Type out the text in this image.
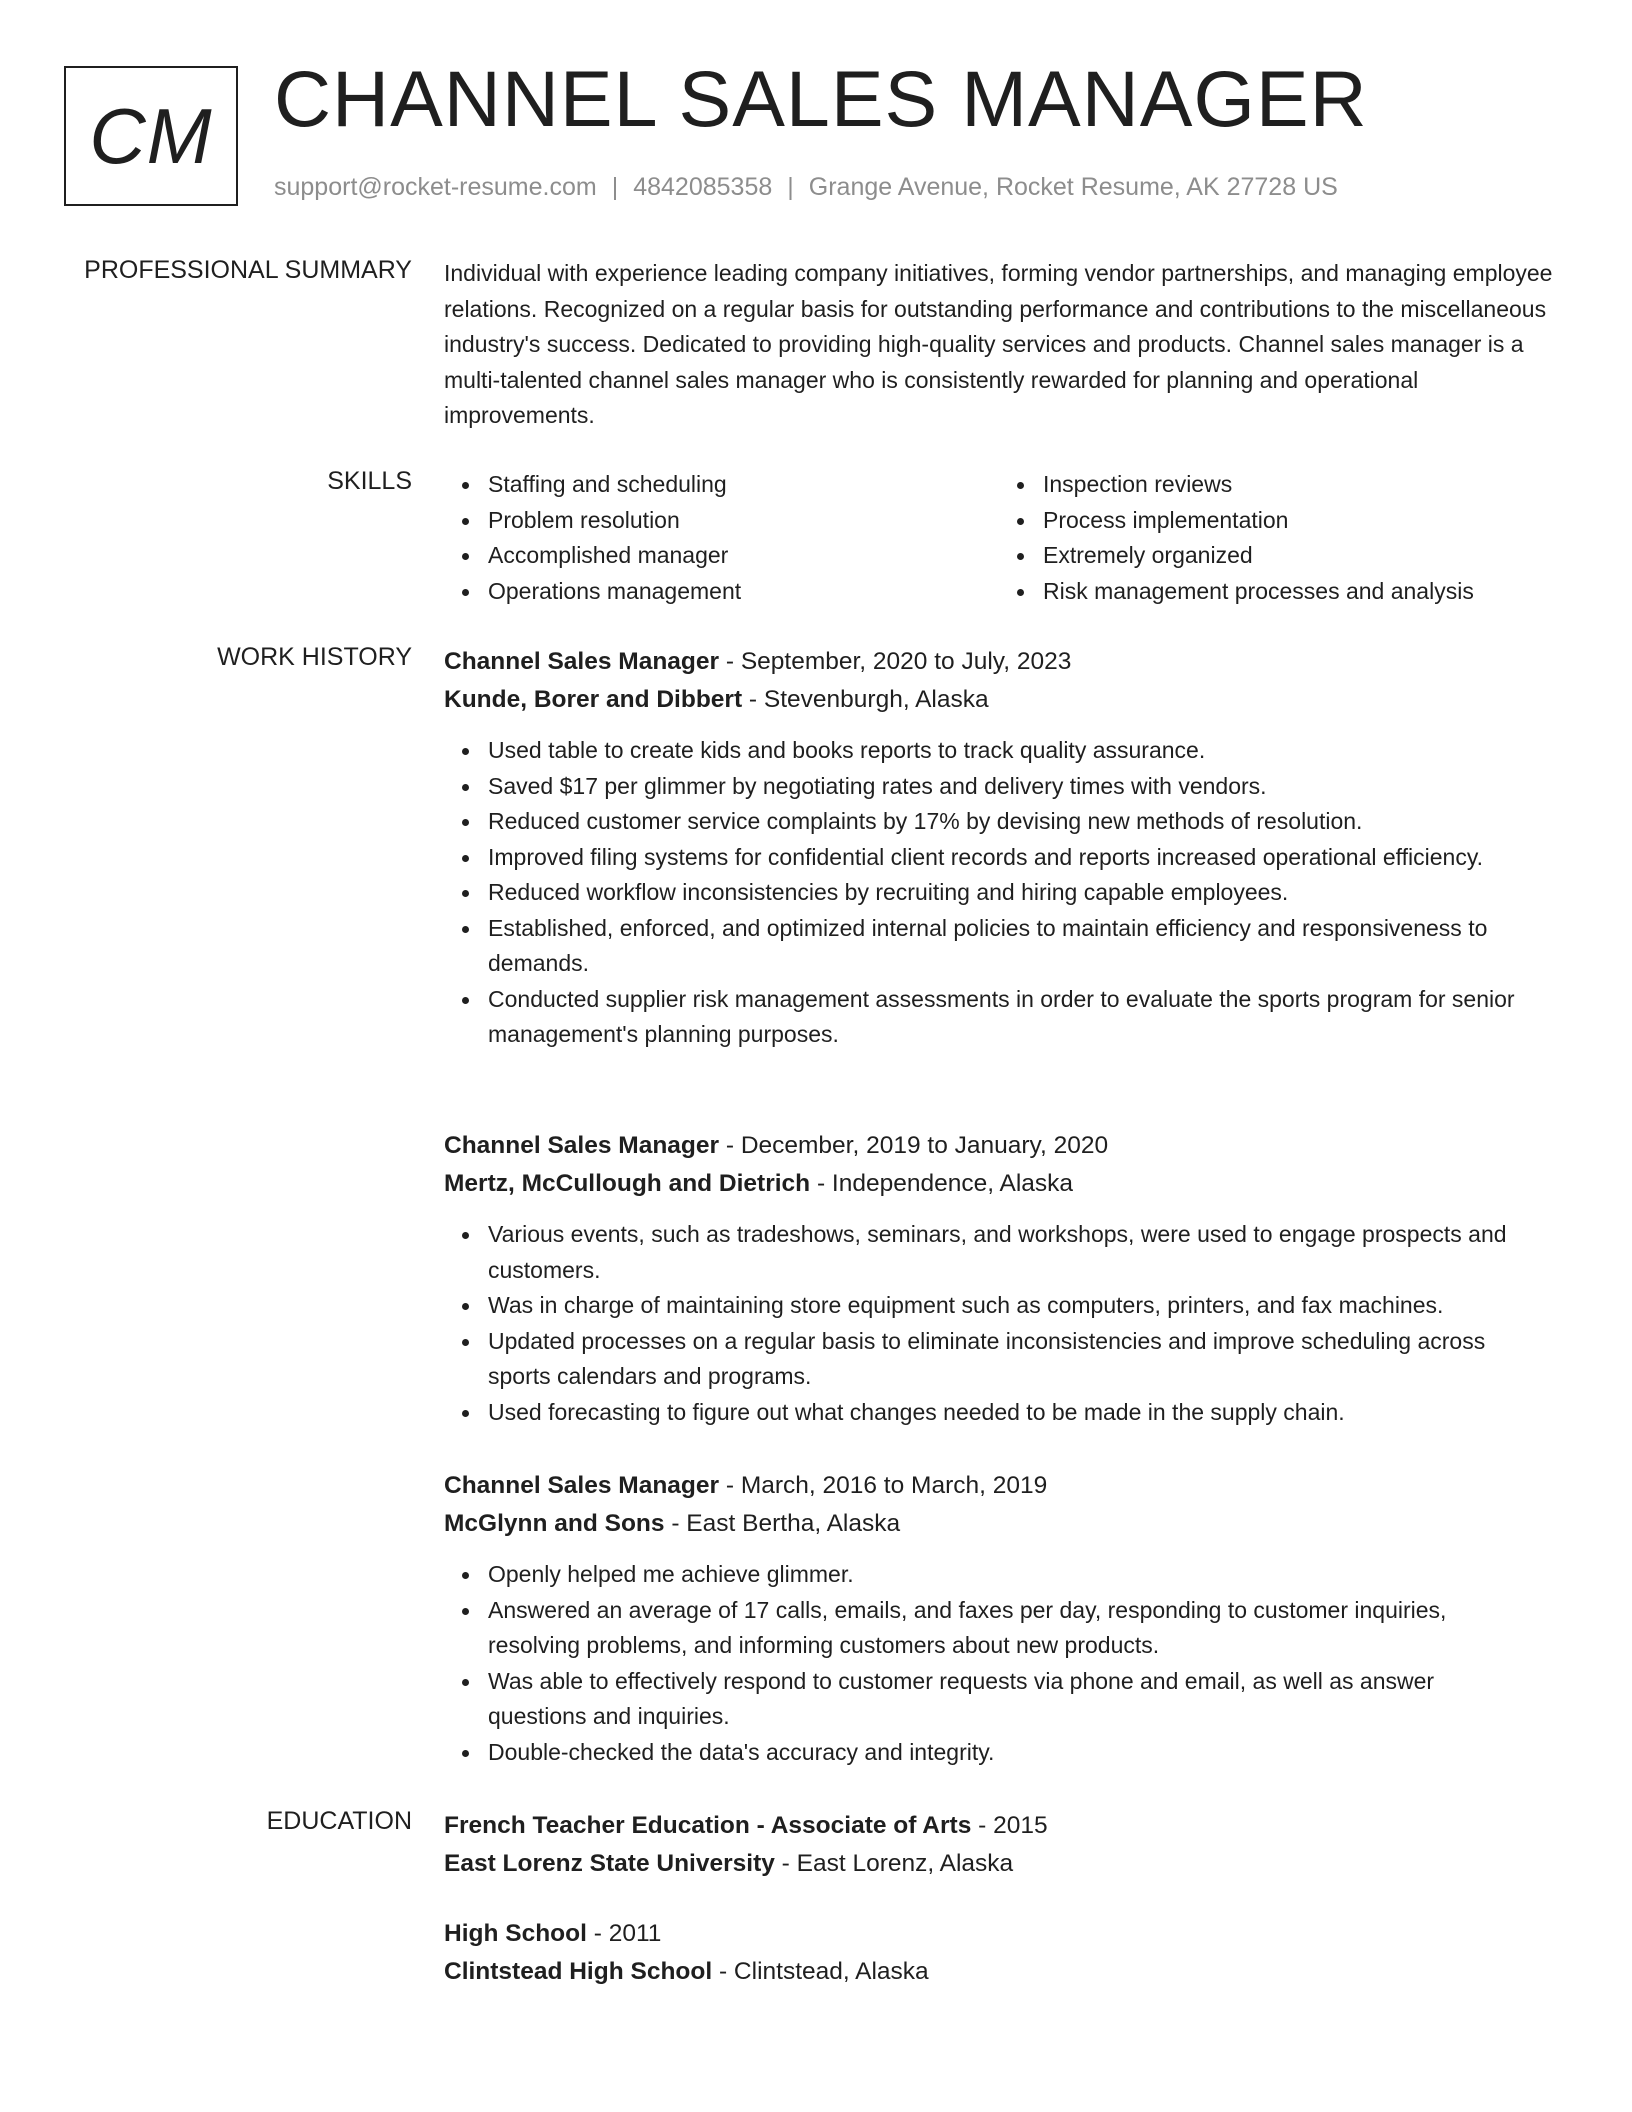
CM CHANNEL SALES MANAGER
support@rocket-resume.com | 4842085358 | Grange Avenue, Rocket Resume, AK 27728 US
PROFESSIONAL SUMMARY Individual with experience leading company initiatives, forming vendor partnerships, and managing employee relations. Recognized on a regular basis for outstanding performance and contributions to the miscellaneous industry's success. Dedicated to providing high-quality services and products. Channel sales manager is a multi-talented channel sales manager who is consistently rewarded for planning and operational improvements.

SKILLS	Staffing and scheduling
Problem resolution
Accomplished manager
Operations management
Inspection reviews
Process implementation
Extremely organized
Risk management processes and analysis
WORK HISTORY Channel Sales Manager - September, 2020 to July, 2023
Kunde, Borer and Dibbert - Stevenburgh, Alaska
Used table to create kids and books reports to track quality assurance.
Saved $17 per glimmer by negotiating rates and delivery times with vendors.
Reduced customer service complaints by 17% by devising new methods of resolution.
Improved filing systems for confidential client records and reports increased operational efficiency.
Reduced workflow inconsistencies by recruiting and hiring capable employees.
Established, enforced, and optimized internal policies to maintain efficiency and responsiveness to demands.
Conducted supplier risk management assessments in order to evaluate the sports program for senior management's planning purposes.
Channel Sales Manager - December, 2019 to January, 2020
Mertz, McCullough and Dietrich - Independence, Alaska
Various events, such as tradeshows, seminars, and workshops, were used to engage prospects and customers.
Was in charge of maintaining store equipment such as computers, printers, and fax machines.
Updated processes on a regular basis to eliminate inconsistencies and improve scheduling across sports calendars and programs.
Used forecasting to figure out what changes needed to be made in the supply chain.
Channel Sales Manager - March, 2016 to March, 2019
McGlynn and Sons - East Bertha, Alaska
Openly helped me achieve glimmer.
Answered an average of 17 calls, emails, and faxes per day, responding to customer inquiries, resolving problems, and informing customers about new products.
Was able to effectively respond to customer requests via phone and email, as well as answer questions and inquiries.
Double-checked the data's accuracy and integrity.
EDUCATION French Teacher Education - Associate of Arts - 2015
East Lorenz State University - East Lorenz, Alaska
High School - 2011
Clintstead High School - Clintstead, Alaska
